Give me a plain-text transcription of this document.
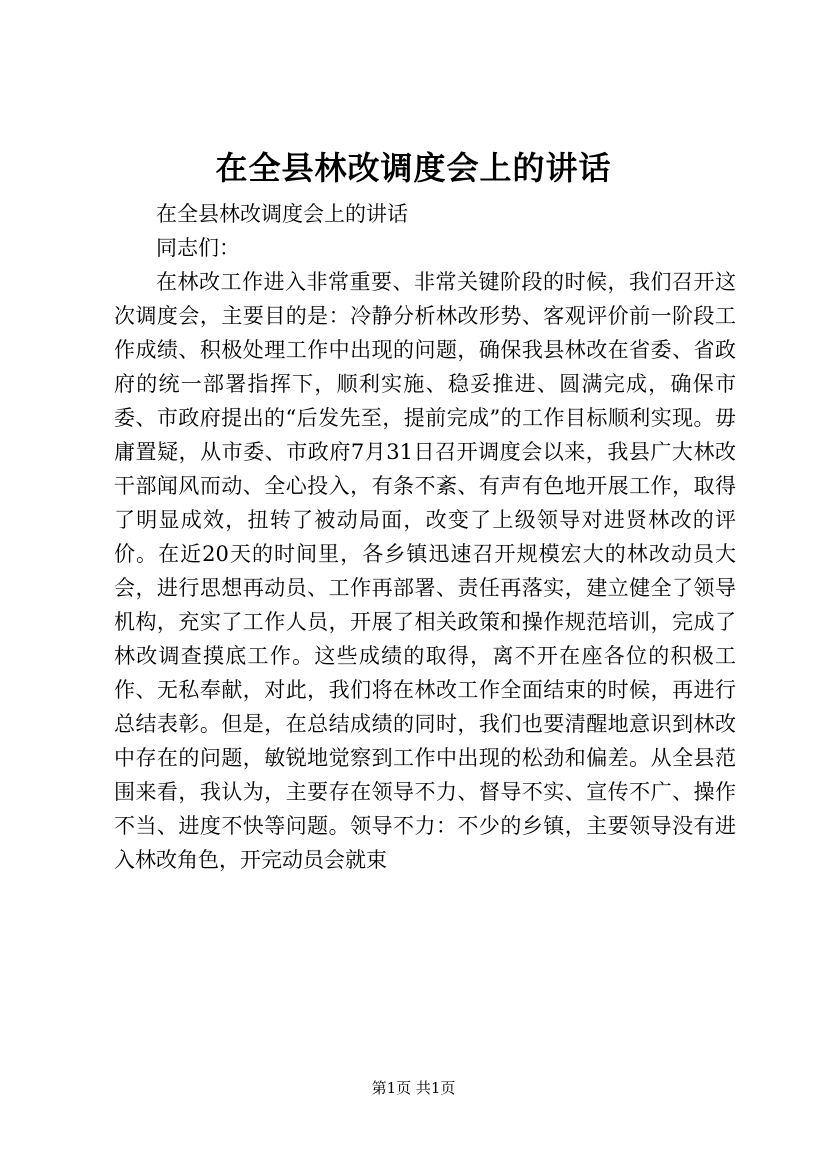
在全县林改调度会上的讲话

在全县林改调度会上的讲话

同志们：

在林改工作进入非常重要、非常关键阶段的时候，我们召开这次调度会，主要目的是：冷静分析林改形势、客观评价前一阶段工作成绩、积极处理工作中出现的问题，确保我县林改在省委、省政府的统一部署指挥下，顺利实施、稳妥推进、圆满完成，确保市委、市政府提出的“后发先至，提前完成”的工作目标顺利实现。毋庸置疑，从市委、市政府7月31日召开调度会以来，我县广大林改干部闻风而动、全心投入，有条不紊、有声有色地开展工作，取得了明显成效，扭转了被动局面，改变了上级领导对进贤林改的评价。在近20天的时间里，各乡镇迅速召开规模宏大的林改动员大会，进行思想再动员、工作再部署、责任再落实，建立健全了领导机构，充实了工作人员，开展了相关政策和操作规范培训，完成了林改调查摸底工作。这些成绩的取得，离不开在座各位的积极工作、无私奉献，对此，我们将在林改工作全面结束的时候，再进行总结表彰。但是，在总结成绩的同时，我们也要清醒地意识到林改中存在的问题，敏锐地觉察到工作中出现的松劲和偏差。从全县范围来看，我认为，主要存在领导不力、督导不实、宣传不广、操作不当、进度不快等问题。领导不力：不少的乡镇，主要领导没有进入林改角色，开完动员会就束

第1页 共1页
